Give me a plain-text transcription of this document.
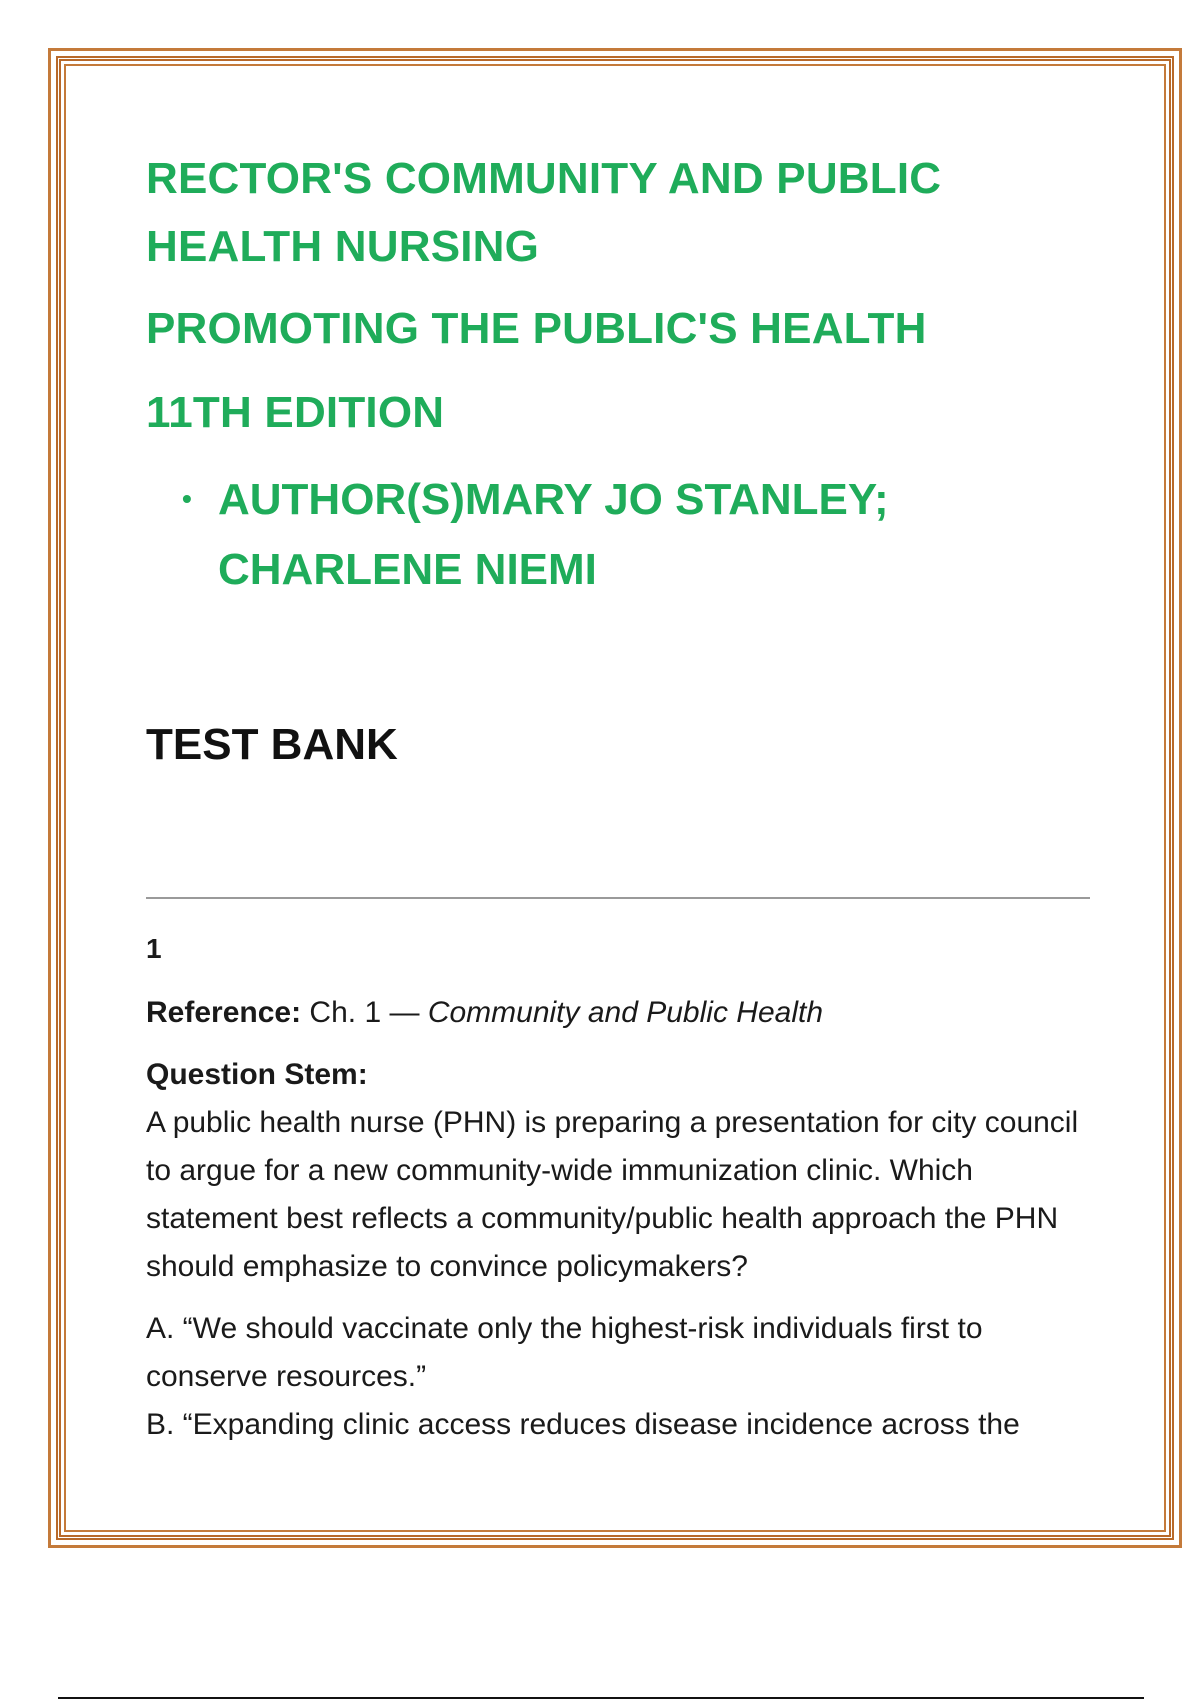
RECTOR'S COMMUNITY AND PUBLIC

HEALTH NURSING

PROMOTING THE PUBLIC'S HEALTH

11TH EDITION

• AUTHOR(S)MARY JO STANLEY;
CHARLENE NIEMI
TEST BANK
1
Reference: Ch. 1 — Community and Public Health
Question Stem:
A public health nurse (PHN) is preparing a presentation for city council to argue for a new community-wide immunization clinic. Which statement best reflects a community/public health approach the PHN should emphasize to convince policymakers?
A. “We should vaccinate only the highest-risk individuals first to conserve resources.”
B. “Expanding clinic access reduces disease incidence across the
